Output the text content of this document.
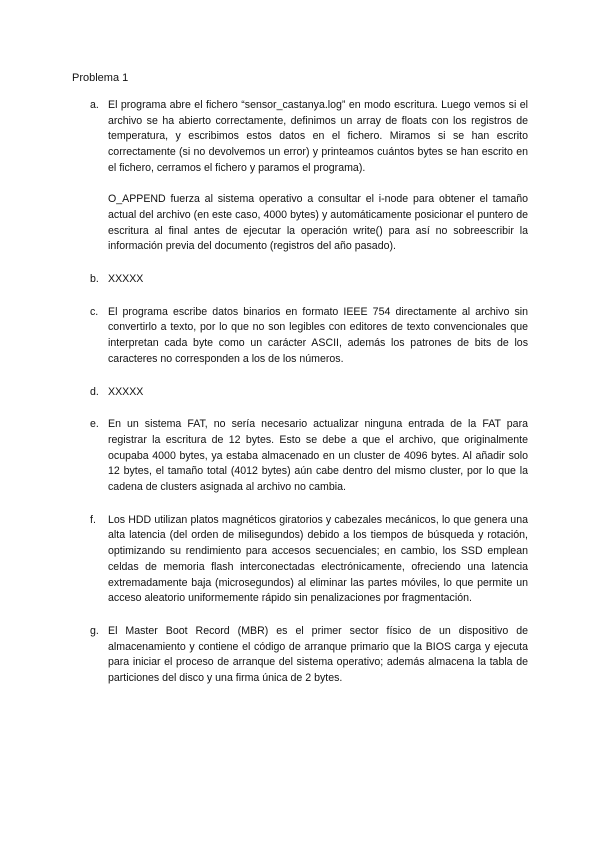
Problema 1
a. El programa abre el fichero “sensor_castanya.log” en modo escritura. Luego vemos si el archivo se ha abierto correctamente, definimos un array de floats con los registros de temperatura, y escribimos estos datos en el fichero. Miramos si se han escrito correctamente (si no devolvemos un error) y printeamos cuántos bytes se han escrito en el fichero, cerramos el fichero y paramos el programa).

O_APPEND fuerza al sistema operativo a consultar el i-node para obtener el tamaño actual del archivo (en este caso, 4000 bytes) y automáticamente posicionar el puntero de escritura al final antes de ejecutar la operación write() para así no sobreescribir la información previa del documento (registros del año pasado).

b. XXXXX

c. El programa escribe datos binarios en formato IEEE 754 directamente al archivo sin convertirlo a texto, por lo que no son legibles con editores de texto convencionales que interpretan cada byte como un carácter ASCII, además los patrones de bits de los caracteres no corresponden a los de los números.

d. XXXXX

e. En un sistema FAT, no sería necesario actualizar ninguna entrada de la FAT para registrar la escritura de 12 bytes. Esto se debe a que el archivo, que originalmente ocupaba 4000 bytes, ya estaba almacenado en un cluster de 4096 bytes. Al añadir solo 12 bytes, el tamaño total (4012 bytes) aún cabe dentro del mismo cluster, por lo que la cadena de clusters asignada al archivo no cambia.

f. Los HDD utilizan platos magnéticos giratorios y cabezales mecánicos, lo que genera una alta latencia (del orden de milisegundos) debido a los tiempos de búsqueda y rotación, optimizando su rendimiento para accesos secuenciales; en cambio, los SSD emplean celdas de memoria flash interconectadas electrónicamente, ofreciendo una latencia extremadamente baja (microsegundos) al eliminar las partes móviles, lo que permite un acceso aleatorio uniformemente rápido sin penalizaciones por fragmentación.

g. El Master Boot Record (MBR) es el primer sector físico de un dispositivo de almacenamiento y contiene el código de arranque primario que la BIOS carga y ejecuta para iniciar el proceso de arranque del sistema operativo; además almacena la tabla de particiones del disco y una firma única de 2 bytes.
